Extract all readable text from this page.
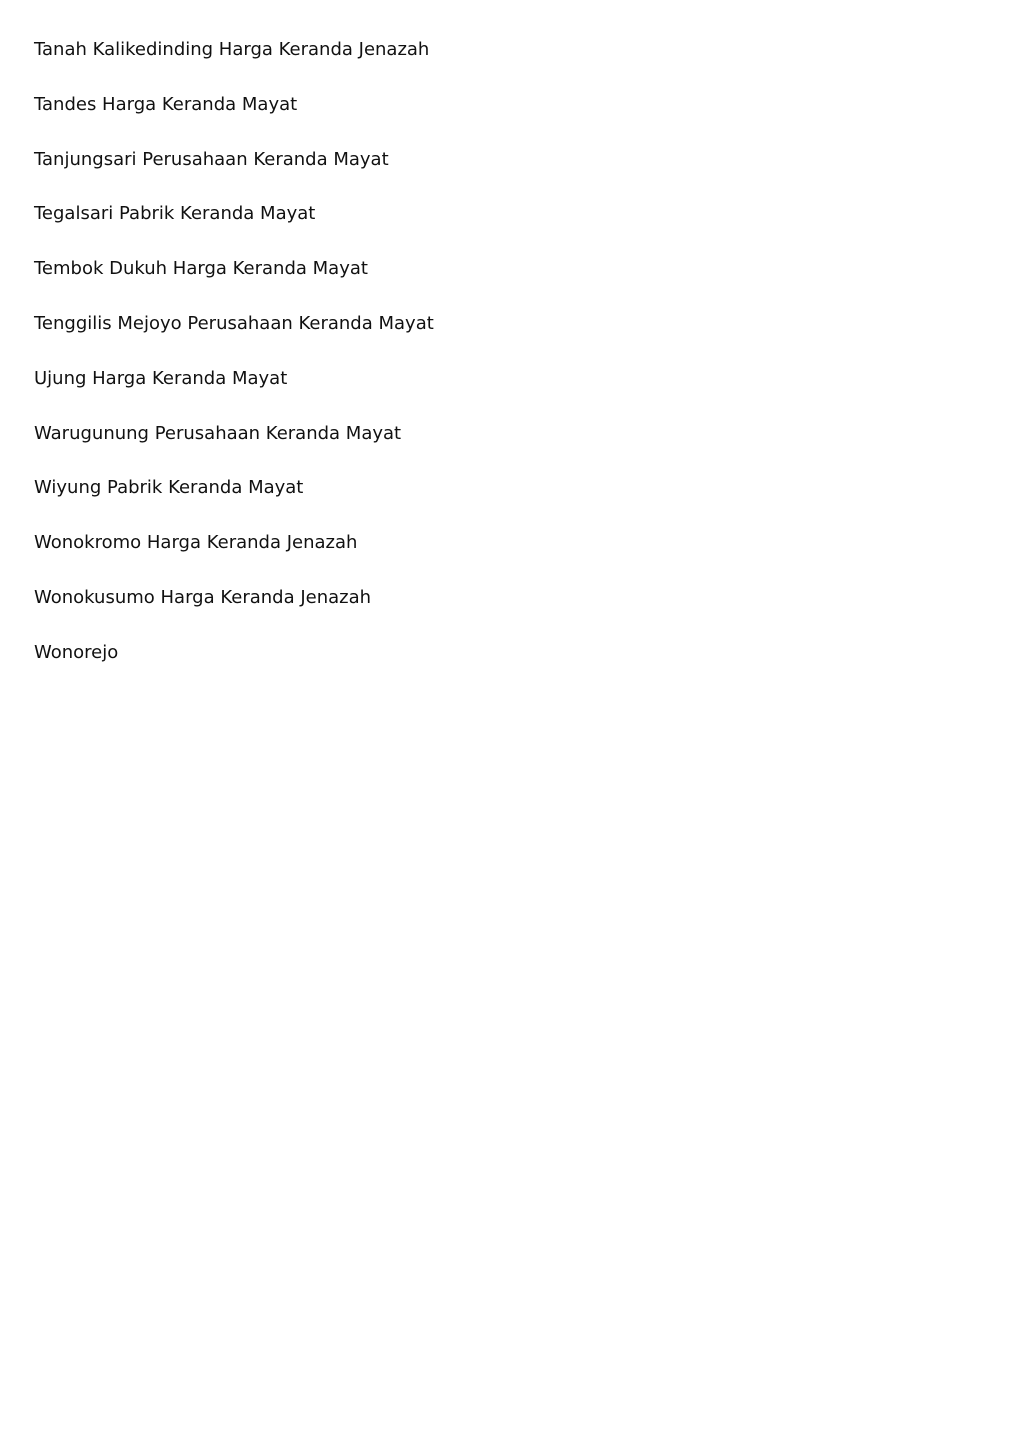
Tanah Kalikedinding Harga Keranda Jenazah
Tandes Harga Keranda Mayat
Tanjungsari Perusahaan Keranda Mayat
Tegalsari Pabrik Keranda Mayat
Tembok Dukuh Harga Keranda Mayat
Tenggilis Mejoyo Perusahaan Keranda Mayat
Ujung Harga Keranda Mayat
Warugunung Perusahaan Keranda Mayat
Wiyung Pabrik Keranda Mayat
Wonokromo Harga Keranda Jenazah
Wonokusumo Harga Keranda Jenazah
Wonorejo
